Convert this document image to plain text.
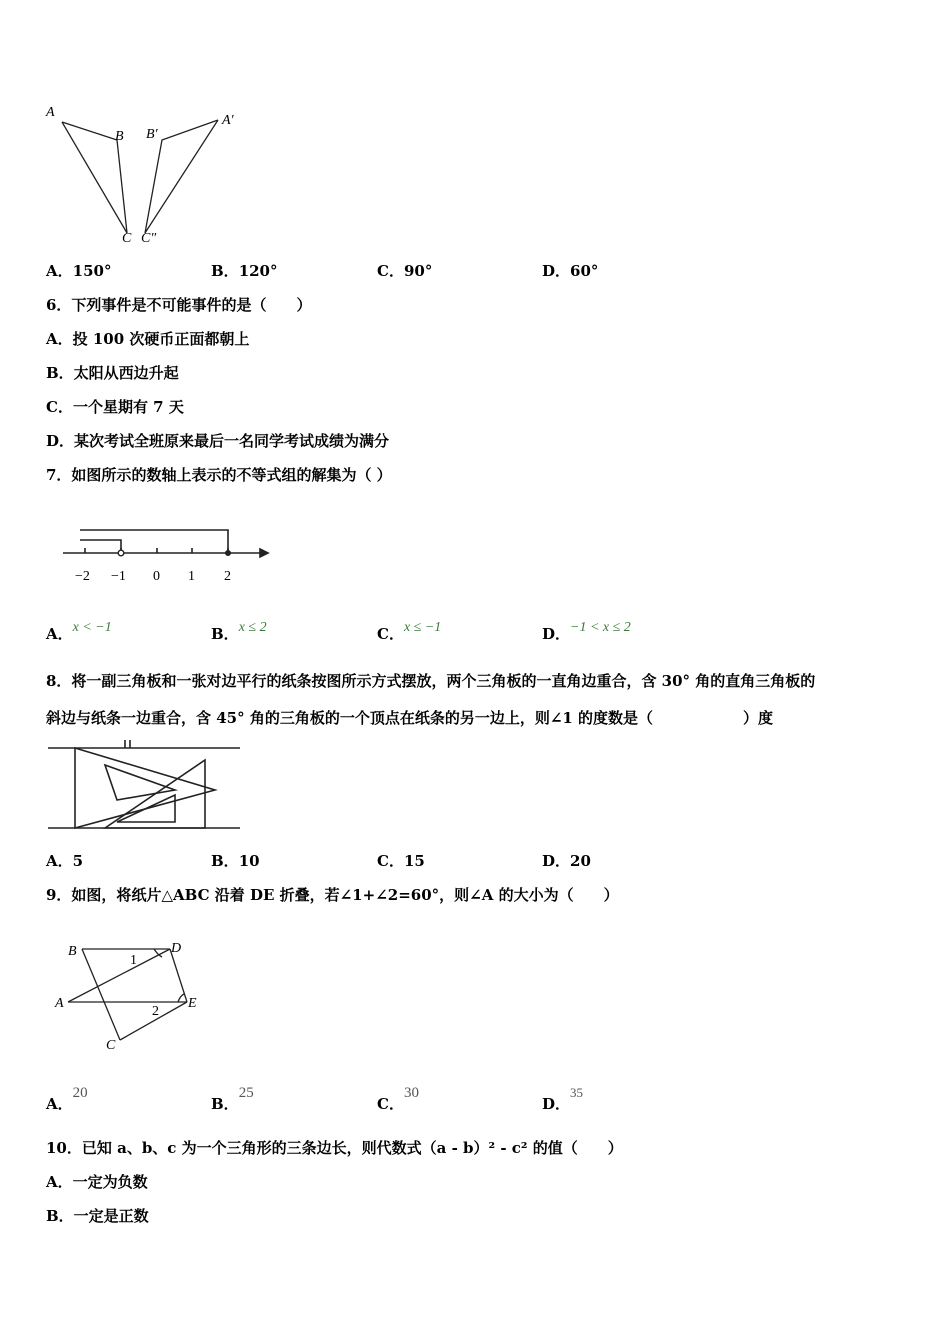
A
B
C
A′
B′
C″
A．150°	B．120°	C．90°	D．60°
6．下列事件是不可能事件的是（　　）
A．投 100 次硬币正面都朝上
B．太阳从西边升起
C．一个星期有 7 天
D．某次考试全班原来最后一名同学考试成绩为满分
7．如图所示的数轴上表示的不等式组的解集为（ ）
−2 −1 0 1 2
A．x < −1	B．x ≤ 2	C．x ≤ −1	D．−1 < x ≤ 2
8．将一副三角板和一张对边平行的纸条按图所示方式摆放，两个三角板的一直角边重合，含 30° 角的直角三角板的
斜边与纸条一边重合，含 45° 角的三角板的一个顶点在纸条的另一边上，则∠1 的度数是（　　　　　　）度
A．5	B．10	C．15	D．20
9．如图，将纸片△ABC 沿着 DE 折叠，若∠1+∠2=60°，则∠A 的大小为（　　）
B	D
A	E
C
1
2
A．20
B．25
C．30
D．35
10．已知 a、b、c 为一个三角形的三条边长，则代数式（a - b）² - c² 的值（　　）
A．一定为负数
B．一定是正数
